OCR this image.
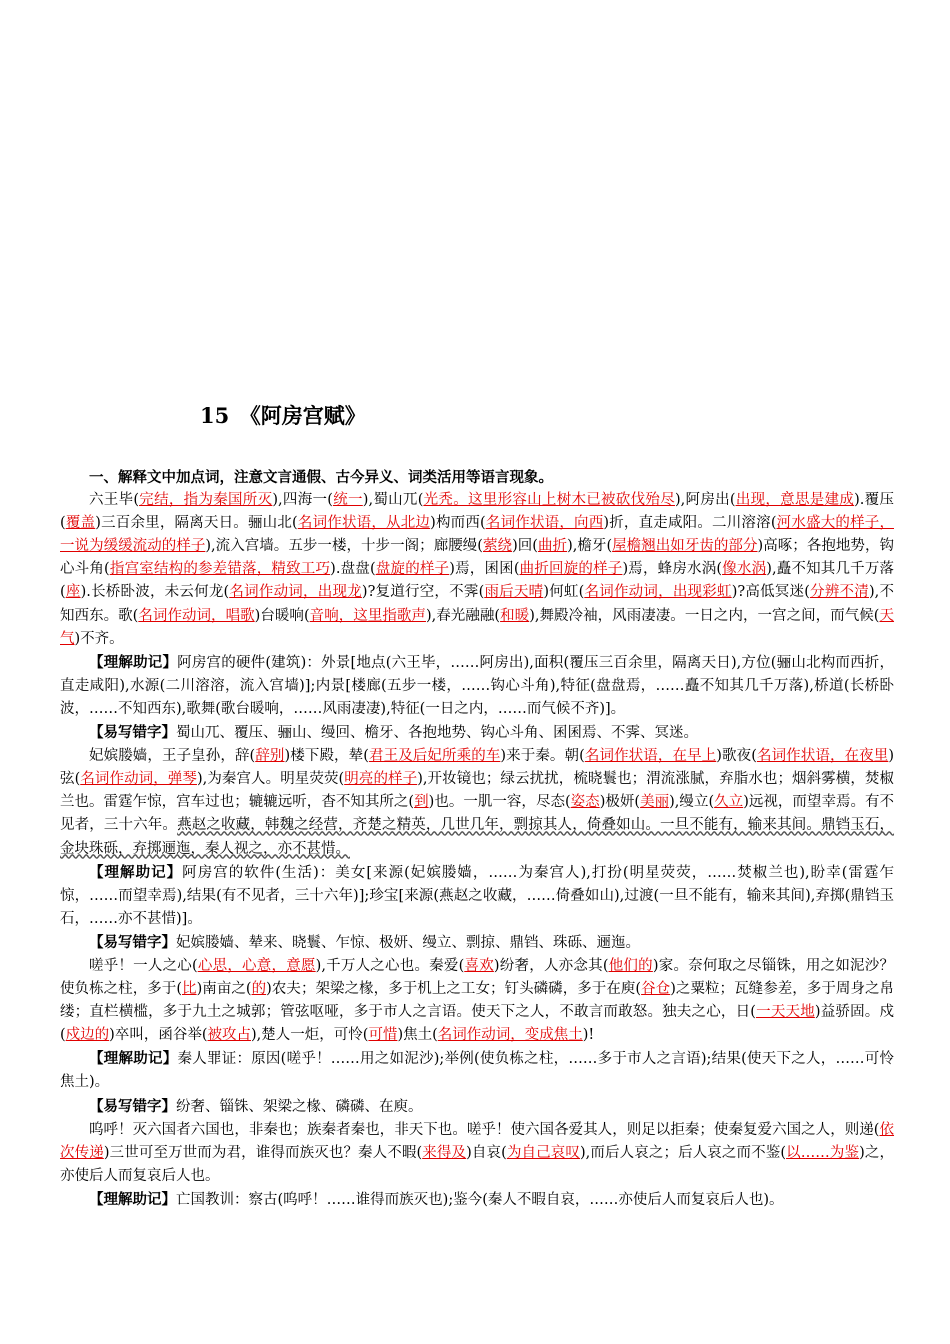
15　《阿房宫赋》

一、解释文中加点词，注意文言通假、古今异义、词类活用等语言现象。

六王毕(完结，指为秦国所灭),四海一(统一),蜀山兀(光秃。这里形容山上树木已被砍伐殆尽),阿房出(出现，意思是建成).覆压(覆盖)三百余里，隔离天日。骊山北(名词作状语，从北边)构而西(名词作状语，向西)折，直走咸阳。二川溶溶(河水盛大的样子，一说为缓缓流动的样子),流入宫墙。五步一楼，十步一阁；廊腰缦(萦绕)回(曲折),檐牙(屋檐翘出如牙齿的部分)高啄；各抱地势，钩心斗角(指宫室结构的参差错落，精致工巧).盘盘(盘旋的样子)焉，囷囷(曲折回旋的样子)焉，蜂房水涡(像水涡),矗不知其几千万落(座).长桥卧波，未云何龙(名词作动词，出现龙)?复道行空，不霁(雨后天晴)何虹(名词作动词，出现彩虹)?高低冥迷(分辨不清),不知西东。歌(名词作动词，唱歌)台暖响(音响，这里指歌声),春光融融(和暖),舞殿冷袖，风雨凄凄。一日之内，一宫之间，而气候(天气)不齐。

【理解助记】阿房宫的硬件(建筑)：外景[地点(六王毕，……阿房出),面积(覆压三百余里，隔离天日),方位(骊山北构而西折，直走咸阳),水源(二川溶溶，流入宫墙)];内景[楼廊(五步一楼，……钩心斗角),特征(盘盘焉，……矗不知其几千万落),桥道(长桥卧波，……不知西东),歌舞(歌台暖响，……风雨凄凄),特征(一日之内，……而气候不齐)]。

【易写错字】蜀山兀、覆压、骊山、缦回、檐牙、各抱地势、钩心斗角、囷囷焉、不霁、冥迷。

妃嫔媵嫱，王子皇孙，辞(辞别)楼下殿，辇(君王及后妃所乘的车)来于秦。朝(名词作状语，在早上)歌夜(名词作状语，在夜里)弦(名词作动词，弹琴),为秦宫人。明星荧荧(明亮的样子),开妆镜也；绿云扰扰，梳晓鬟也；渭流涨腻，弃脂水也；烟斜雾横，焚椒兰也。雷霆乍惊，宫车过也；辘辘远听，杳不知其所之(到)也。一肌一容，尽态(姿态)极妍(美丽),缦立(久立)远视，而望幸焉。有不见者，三十六年。燕赵之收藏，韩魏之经营，齐楚之精英，几世几年，剽掠其人，倚叠如山。一旦不能有，输来其间。鼎铛玉石，金块珠砾，弃掷逦迤，秦人视之，亦不甚惜。

【理解助记】阿房宫的软件(生活)：美女[来源(妃嫔媵嫱，……为秦宫人),打扮(明星荧荧，……焚椒兰也),盼幸(雷霆乍惊，……而望幸焉),结果(有不见者，三十六年)];珍宝[来源(燕赵之收藏，……倚叠如山),过渡(一旦不能有，输来其间),弃掷(鼎铛玉石，……亦不甚惜)]。

【易写错字】妃嫔媵嫱、辇来、晓鬟、乍惊、极妍、缦立、剽掠、鼎铛、珠砾、逦迤。

嗟乎！一人之心(心思，心意，意愿),千万人之心也。秦爱(喜欢)纷奢，人亦念其(他们的)家。奈何取之尽锱铢，用之如泥沙？使负栋之柱，多于(比)南亩之(的)农夫；架梁之椽，多于机上之工女；钉头磷磷，多于在庾(谷仓)之粟粒；瓦缝参差，多于周身之帛缕；直栏横槛，多于九土之城郭；管弦呕哑，多于市人之言语。使天下之人，不敢言而敢怒。独夫之心，日(一天天地)益骄固。戍(戍边的)卒叫，函谷举(被攻占),楚人一炬，可怜(可惜)焦土(名词作动词，变成焦土)!

【理解助记】秦人罪证：原因(嗟乎！……用之如泥沙);举例(使负栋之柱，……多于市人之言语);结果(使天下之人，……可怜焦土)。

【易写错字】纷奢、锱铢、架梁之椽、磷磷、在庾。

呜呼！灭六国者六国也，非秦也；族秦者秦也，非天下也。嗟乎！使六国各爱其人，则足以拒秦；使秦复爱六国之人，则递(依次传递)三世可至万世而为君，谁得而族灭也？秦人不暇(来得及)自哀(为自己哀叹),而后人哀之；后人哀之而不鉴(以……为鉴)之，亦使后人而复哀后人也。

【理解助记】亡国教训：察古(呜呼！……谁得而族灭也);鉴今(秦人不暇自哀，……亦使后人而复哀后人也)。
